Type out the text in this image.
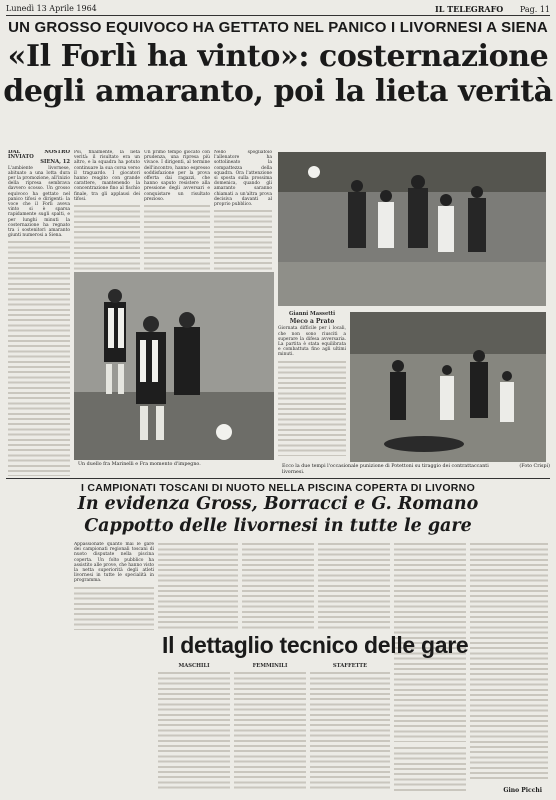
Lunedì 13 Aprile 1964	IL TELEGRAFO Pag. 11
UN GROSSO EQUIVOCO HA GETTATO NEL PANICO I LIVORNESI A SIENA
«Il Forlì ha vinto»: costernazione
degli amaranto, poi la lieta verità
DAL NOSTRO INVIATO
SIENA, 12

L'ambiente livornese, abituato a una lotta dura per la promozione, all'inizio della ripresa sembrava davvero scosso. Un grosso equivoco ha gettato nel panico tifosi e dirigenti: la voce che il Forlì aveva vinto si è sparsa rapidamente sugli spalti, e per lunghi minuti la costernazione ha regnato tra i sostenitori amaranto giunti numerosi a Siena.

Poi, finalmente, la lieta verità: il risultato era un altro, e la squadra ha potuto continuare la sua corsa verso il traguardo. I giocatori hanno reagito con grande carattere, mantenendo la concentrazione fino al fischio finale, tra gli applausi dei tifosi.

Un primo tempo giocato con prudenza, una ripresa più vivace. I dirigenti, al termine dell'incontro, hanno espresso soddisfazione per la prova offerta dai ragazzi, che hanno saputo resistere alla pressione degli avversari e conquistare un risultato prezioso.

Nello spogliatoio l'allenatore ha sottolineato la compattezza della squadra. Ora l'attenzione si sposta sulla prossima domenica, quando gli amaranto saranno chiamati a un'altra prova decisiva davanti al proprio pubblico.

Un duello fra Marinelli e Fra momento d'impegno.
Gianni Massetti
Meco a Prato

Giornata difficile per i locali, che non sono riusciti a superare la difesa avversaria. La partita è stata equilibrata e combattuta fino agli ultimi minuti.

Ecco la due tempi l'occasionale punizione di Potettoni su tiraggio dei contrattaccanti livornesi.
(Foto Crispi)
I CAMPIONATI TOSCANI DI NUOTO NELLA PISCINA COPERTA DI LIVORNO
In evidenza Gross, Borracci e G. Romano
Cappotto delle livornesi in tutte le gare

Appassionate quanto mai le gare dei campionati regionali toscani di nuoto disputate nella piscina coperta. Un folto pubblico ha assistito alle prove, che hanno visto la netta superiorità degli atleti livornesi in tutte le specialità in programma.

Il dettaglio tecnico delle gare
MASCHILI	FEMMINILI	STAFFETTE
Gino Picchi
